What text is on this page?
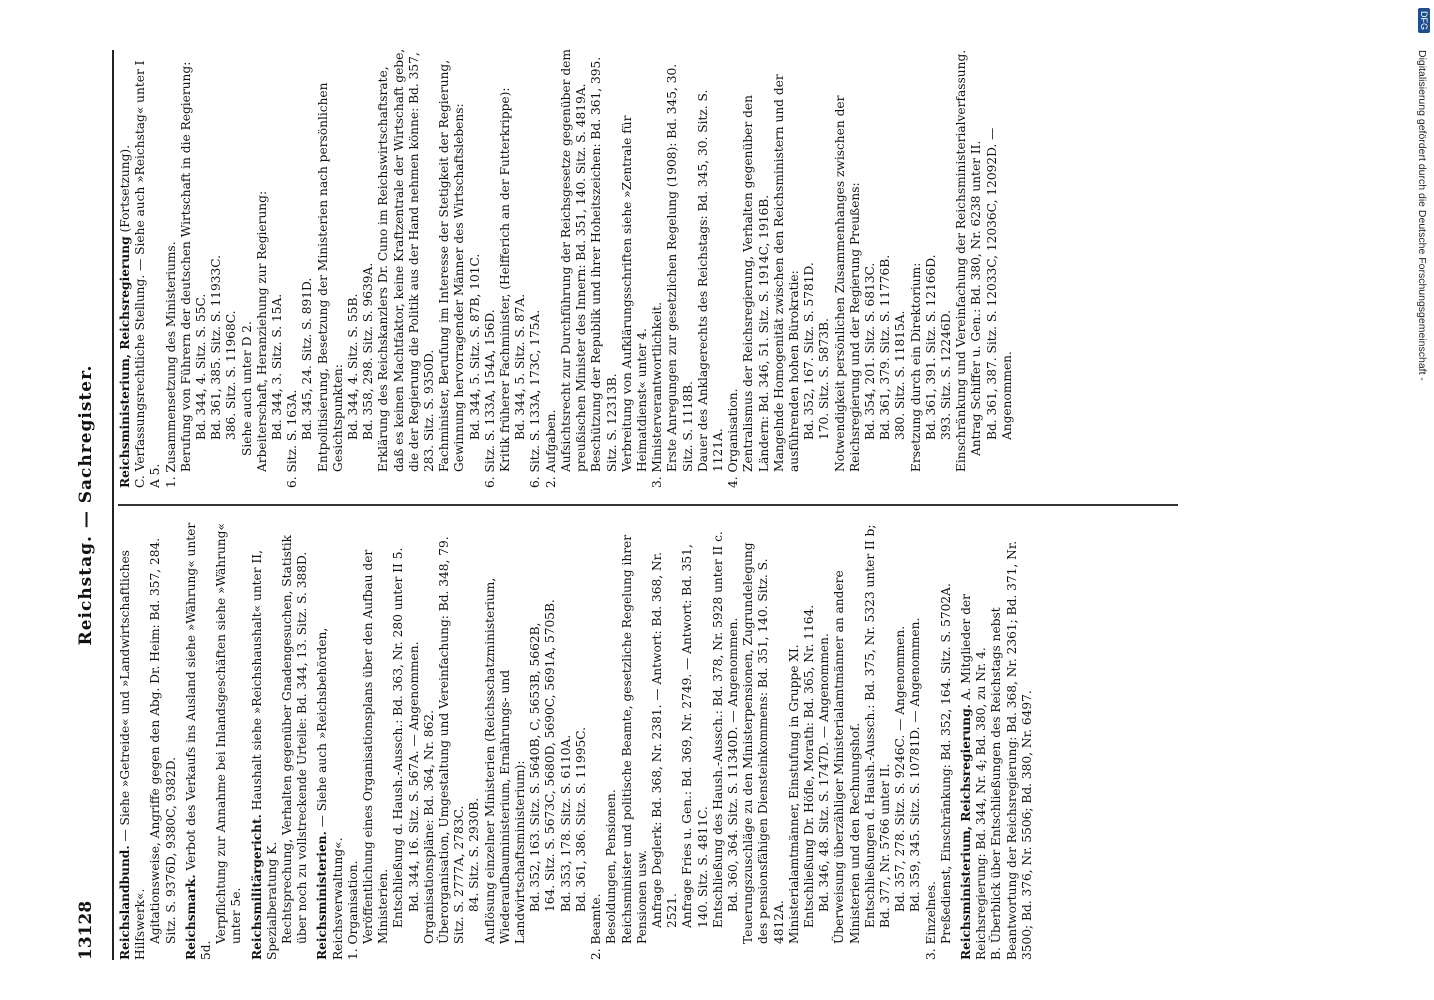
13128
Reichstag. — Sachregister.
Reichslandbund. — Siehe »Getreide« und »Landwirtschaftliches Hilfswerk«. Agitationsweise, Angriffe gegen den Abg. Dr. Heim: Bd. 357, 284. Sitz. S. 9376D, 9380C, 9382D. Reichsmark. Verbot des Verkaufs ins Ausland siehe »Währung« unter 5d.

Verpflichtung zur Annahme bei Inlandsgeschäften siehe »Währung« unter 5e. Reichsmilitärgericht. Haushalt siehe »Reichshaushalt« unter II, Spezialberatung K. Rechtsprechung, Verhalten gegenüber Gnadengesuchen, Statistik über noch zu vollstreckende Urteile: Bd. 344, 13. Sitz. S. 388D. Reichsministerien. — Siehe auch »Reichsbehörden, Reichsverwaltung«. 1. Organisation. Veröffentlichung eines Organisationsplans über den Aufbau der Ministerien. Entschließung d. Haush.-Aussch.: Bd. 363, Nr. 280 unter II 5. Bd. 344, 16. Sitz. S. 567A. — Angenommen. Organisationspläne: Bd. 364, Nr. 862. Überorganisation, Umgestaltung und Vereinfachung: Bd. 348, 79. Sitz. S. 2777A, 2783C. 84. Sitz. S. 2930B. Auflösung einzelner Ministerien (Reichsschatzministerium, Wiederaufbauministerium, Ernährungs- und Landwirtschaftsministerium): Bd. 352, 163. Sitz. S. 5640B, C, 5653B, 5662B, 164. Sitz. S. 5673C, 5680D, 5690C, 5691A, 5705B. Bd. 353, 178. Sitz. S. 6110A. Bd. 361, 386. Sitz. S. 11995C.

2. Beamte. Besoldungen, Pensionen. Reichsminister und politische Beamte, gesetzliche Regelung ihrer Pensionen usw. Anfrage Deglerk: Bd. 368, Nr. 2381. — Antwort: Bd. 368, Nr. 2521. Anfrage Fries u. Gen.: Bd. 369, Nr. 2749. — Antwort: Bd. 351, 140. Sitz. S. 4811C. Entschließung des Haush.-Aussch.: Bd. 378, Nr. 5928 unter II c. Bd. 360, 364. Sitz. S. 11340D. — Angenommen. Teuerungszuschläge zu den Ministerpensionen, Zugrundelegung des pensionsfähigen Diensteinkommens: Bd. 351, 140. Sitz. S. 4812A. Ministerialamtmänner, Einstufung in Gruppe XI. Entschließung Dr. Höfle, Morath: Bd. 365, Nr. 1164. Bd. 346, 48. Sitz. S. 1747D. — Angenommen. Überweisung überzähliger Ministerialamtmänner an andere Ministerien und den Rechnungshof. Entschließungen d. Haush.-Aussch.: Bd. 375, Nr. 5323 unter II b; Bd. 377, Nr. 5766 unter II. Bd. 357, 278. Sitz. S. 9246C. — Angenommen. Bd. 359, 345. Sitz. S. 10781D. — Angenommen.

3. Einzelnes. Preßedienst, Einschränkung: Bd. 352, 164. Sitz. S. 5702A. Reichsministerium, Reichsregierung. A. Mitglieder der Reichsregierung: Bd. 344, Nr. 4; Bd. 380, zu Nr. 4. B. Überblick über Entschließungen des Reichstags nebst Beantwortung der Reichsregierung: Bd. 368, Nr. 2361; Bd. 371, Nr. 3500; Bd. 376, Nr. 5506; Bd. 380, Nr. 6497.

Reichsministerium, Reichsregierung (Fortsetzung). C. Verfassungsrechtliche Stellung. — Siehe auch »Reichstag« unter I A 5. 1. Zusammensetzung des Ministeriums. Berufung von Führern der deutschen Wirtschaft in die Regierung: Bd. 344, 4. Sitz. S. 55C. Bd. 361, 385. Sitz. S. 11933C. 386. Sitz. S. 11968C. Siehe auch unter D 2. Arbeiterschaft, Heranziehung zur Regierung: Bd. 344, 3. Sitz. S. 15A. 6. Sitz. S. 163A. Bd. 345, 24. Sitz. S. 891D. Entpolitisierung, Besetzung der Ministerien nach persönlichen Gesichtspunkten: Bd. 344, 4. Sitz. S. 55B. Bd. 358, 298. Sitz. S. 9639A. Erklärung des Reichskanzlers Dr. Cuno im Reichswirtschaftsrate, daß es keinen Machtfaktor, keine Kraftzentrale der Wirtschaft gebe, die der Regierung die Politik aus der Hand nehmen könne: Bd. 357, 283. Sitz. S. 9350D. Fachminister, Berufung im Interesse der Stetigkeit der Regierung, Gewinnung hervorragender Männer des Wirtschaftslebens: Bd. 344, 5. Sitz. S. 87B, 101C. 6. Sitz. S. 133A, 154A, 156D. Kritik früherer Fachminister, (Helfferich an der Futterkrippe): Bd. 344, 5. Sitz. S. 87A. 6. Sitz. S. 133A, 173C, 175A. 2. Aufgaben. Aufsichtsrecht zur Durchführung der Reichsgesetze gegenüber dem preußischen Minister des Innern: Bd. 351, 140. Sitz. S. 4819A. Beschützung der Republik und ihrer Hoheitszeichen: Bd. 361, 395. Sitz. S. 12313B. Verbreitung von Aufklärungsschriften siehe »Zentrale für Heimatdienst« unter 4. 3. Ministerverantwortlichkeit. Erste Anregungen zur gesetzlichen Regelung (1908): Bd. 345, 30. Sitz. S. 1118B. Dauer des Anklagerechts des Reichstags: Bd. 345, 30. Sitz. S. 1121A. 4. Organisation. Zentralismus der Reichsregierung, Verhalten gegenüber den Ländern: Bd. 346, 51. Sitz. S. 1914C, 1916B. Mangelnde Homogenität zwischen den Reichsministern und der ausführenden hohen Bürokratie: Bd. 352, 167. Sitz. S. 5781D. 170. Sitz. S. 5873B. Notwendigkeit persönlichen Zusammenhanges zwischen der Reichsregierung und der Regierung Preußens: Bd. 354, 201. Sitz. S. 6813C. Bd. 361, 379. Sitz. S. 11776B. 380. Sitz. S. 11815A. Ersetzung durch ein Direktorium: Bd. 361, 391. Sitz. S. 12166D. 393. Sitz. S. 12246D. Einschränkung und Vereinfachung der Reichsministerialverfassung. Antrag Schiffer u. Gen.: Bd. 380, Nr. 6238 unter II. Bd. 361, 387. Sitz. S. 12033C, 12036C, 12092D. — Angenommen.

Digitalisierung gefördert durch die Deutsche Forschungsgemeinschaft -
DFG
